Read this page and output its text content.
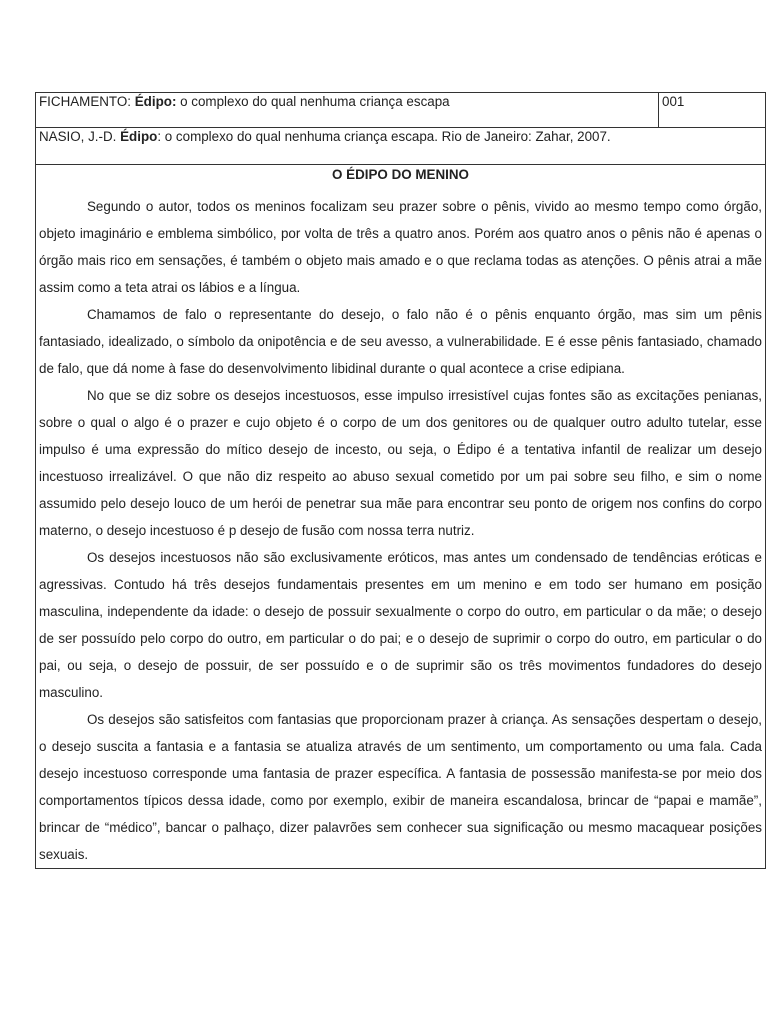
FICHAMENTO: Édipo: o complexo do qual nenhuma criança escapa	001
NASIO, J.-D. Édipo: o complexo do qual nenhuma criança escapa. Rio de Janeiro: Zahar, 2007.
O ÉDIPO DO MENINO

Segundo o autor, todos os meninos focalizam seu prazer sobre o pênis, vivido ao mesmo tempo como órgão, objeto imaginário e emblema simbólico, por volta de três a quatro anos. Porém aos quatro anos o pênis não é apenas o órgão mais rico em sensações, é também o objeto mais amado e o que reclama todas as atenções. O pênis atrai a mãe assim como a teta atrai os lábios e a língua.

Chamamos de falo o representante do desejo, o falo não é o pênis enquanto órgão, mas sim um pênis fantasiado, idealizado, o símbolo da onipotência e de seu avesso, a vulnerabilidade. E é esse pênis fantasiado, chamado de falo, que dá nome à fase do desenvolvimento libidinal durante o qual acontece a crise edipiana.

No que se diz sobre os desejos incestuosos, esse impulso irresistível cujas fontes são as excitações penianas, sobre o qual o algo é o prazer e cujo objeto é o corpo de um dos genitores ou de qualquer outro adulto tutelar, esse impulso é uma expressão do mítico desejo de incesto, ou seja, o Édipo é a tentativa infantil de realizar um desejo incestuoso irrealizável. O que não diz respeito ao abuso sexual cometido por um pai sobre seu filho, e sim o nome assumido pelo desejo louco de um herói de penetrar sua mãe para encontrar seu ponto de origem nos confins do corpo materno, o desejo incestuoso é p desejo de fusão com nossa terra nutriz.

Os desejos incestuosos não são exclusivamente eróticos, mas antes um condensado de tendências eróticas e agressivas. Contudo há três desejos fundamentais presentes em um menino e em todo ser humano em posição masculina, independente da idade: o desejo de possuir sexualmente o corpo do outro, em particular o da mãe; o desejo de ser possuído pelo corpo do outro, em particular o do pai; e o desejo de suprimir o corpo do outro, em particular o do pai, ou seja, o desejo de possuir, de ser possuído e o de suprimir são os três movimentos fundadores do desejo masculino.

Os desejos são satisfeitos com fantasias que proporcionam prazer à criança. As sensações despertam o desejo, o desejo suscita a fantasia e a fantasia se atualiza através de um sentimento, um comportamento ou uma fala. Cada desejo incestuoso corresponde uma fantasia de prazer específica. A fantasia de possessão manifesta-se por meio dos comportamentos típicos dessa idade, como por exemplo, exibir de maneira escandalosa, brincar de “papai e mamãe”, brincar de “médico”, bancar o palhaço, dizer palavrões sem conhecer sua significação ou mesmo macaquear posições sexuais.
